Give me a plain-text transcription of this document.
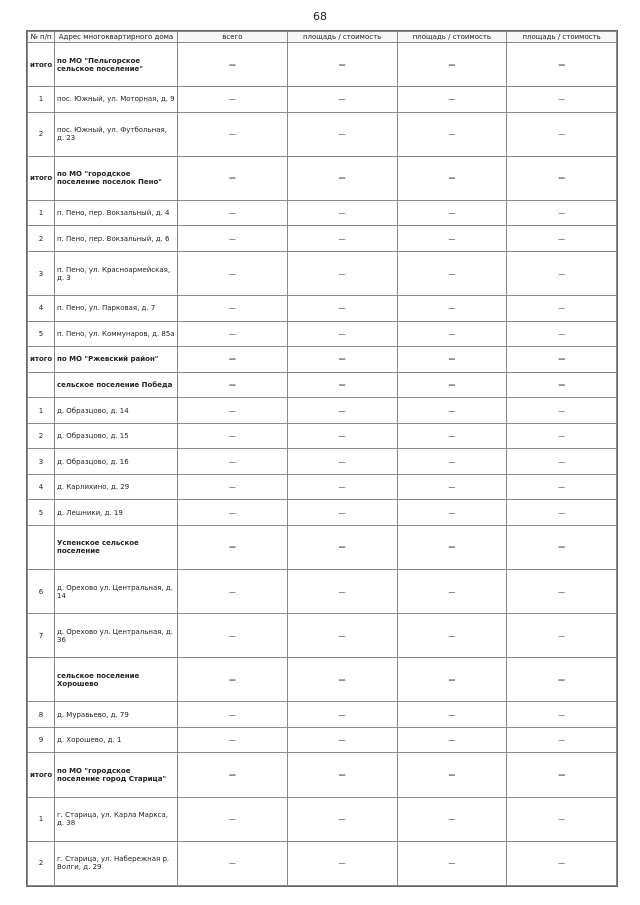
68
№ п/п	Адрес многоквартирного дома	всего	площадь / стоимость	площадь / стоимость	площадь / стоимость
итого	по МО "Пельгорское сельское поселение"	—	—	—	—
1	пос. Южный, ул. Моторная, д. 9	—	—	—	—
2	пос. Южный, ул. Футбольная, д. 23	—	—	—	—
итого	по МО "городское поселение поселок Пено"	—	—	—	—
1	п. Пено, пер. Вокзальный, д. 4	—	—	—	—
2	п. Пено, пер. Вокзальный, д. 6	—	—	—	—
3	п. Пено, ул. Красноармейская, д. 3	—	—	—	—
4	п. Пено, ул. Парковая, д. 7	—	—	—	—
5	п. Пено, ул. Коммунаров, д. 85а	—	—	—	—
итого	по МО "Ржевский район"	—	—	—	—
	сельское поселение Победа	—	—	—	—
1	д. Образцово, д. 14	—	—	—	—
2	д. Образцово, д. 15	—	—	—	—
3	д. Образцово, д. 16	—	—	—	—
4	д. Карлихино, д. 29	—	—	—	—
5	д. Лешники, д. 19	—	—	—	—
	Успенское сельское поселение	—	—	—	—
6	д. Орехово ул. Центральная, д. 14	—	—	—	—
7	д. Орехово ул. Центральная, д. 36	—	—	—	—
	сельское поселение Хорошево	—	—	—	—
8	д. Муравьево, д. 79	—	—	—	—
9	д. Хорошево, д. 1	—	—	—	—
итого	по МО "городское поселение город Старица"	—	—	—	—
1	г. Старица, ул. Карла Маркса, д. 38	—	—	—	—
2	г. Старица, ул. Набережная р. Волги, д. 29	—	—	—	—
